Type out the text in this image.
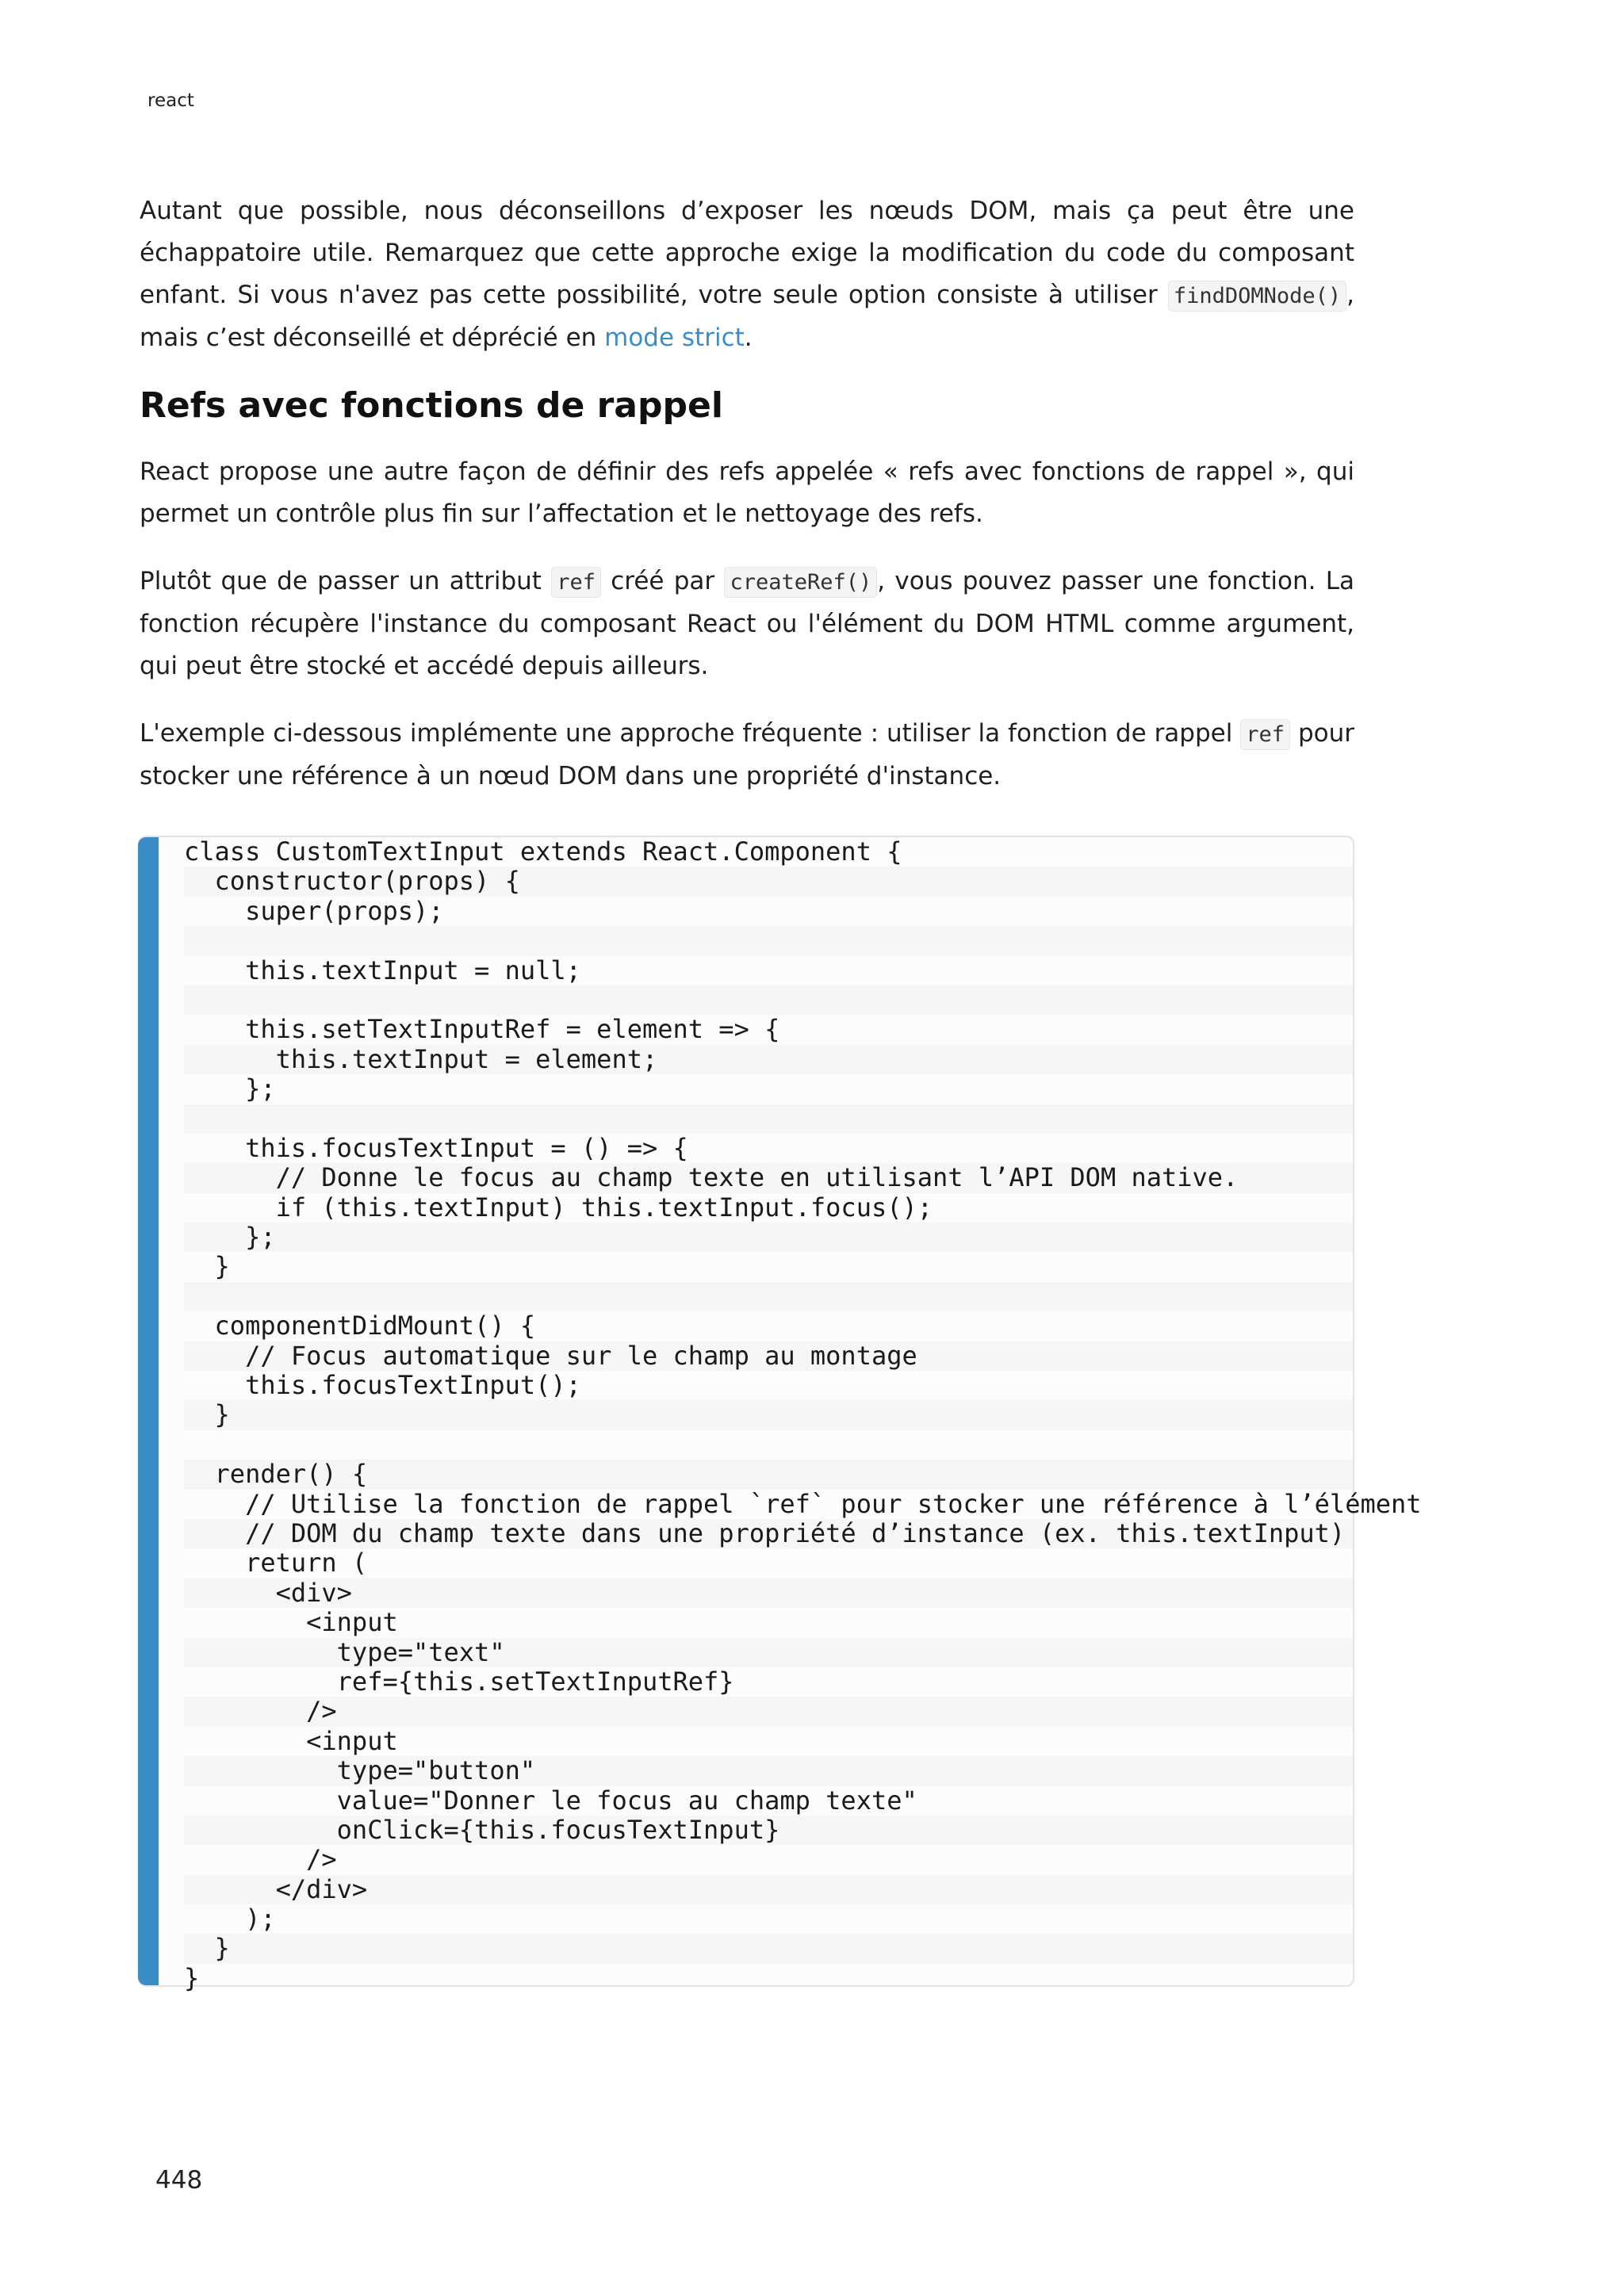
react

Autant que possible, nous déconseillons d’exposer les nœuds DOM, mais ça peut être une échappatoire utile. Remarquez que cette approche exige la modification du code du composant enfant. Si vous n'avez pas cette possibilité, votre seule option consiste à utiliser findDOMNode() , mais c’est déconseillé et déprécié en mode strict.

Refs avec fonctions de rappel

React propose une autre façon de définir des refs appelée « refs avec fonctions de rappel », qui permet un contrôle plus fin sur l’affectation et le nettoyage des refs.

Plutôt que de passer un attribut ref créé par createRef() , vous pouvez passer une fonction. La fonction récupère l'instance du composant React ou l'élément du DOM HTML comme argument, qui peut être stocké et accédé depuis ailleurs.

L'exemple ci-dessous implémente une approche fréquente : utiliser la fonction de rappel ref pour stocker une référence à un nœud DOM dans une propriété d'instance.

class CustomTextInput extends React.Component {
constructor(props) {
super(props);
this.textInput = null;
this.setTextInputRef = element => {
this.textInput = element;
};
this.focusTextInput = () => {
// Donne le focus au champ texte en utilisant l’API DOM native.
if (this.textInput) this.textInput.focus();
};
}
componentDidMount() {
// Focus automatique sur le champ au montage
this.focusTextInput();
}
render() {
// Utilise la fonction de rappel `ref` pour stocker une référence à l’élément
// DOM du champ texte dans une propriété d’instance (ex. this.textInput)
return (
<div>
<input
type="text"
ref={this.setTextInputRef}
/>
<input
type="button"
value="Donner le focus au champ texte"
onClick={this.focusTextInput}
/>
</div>
);
}
}
448
